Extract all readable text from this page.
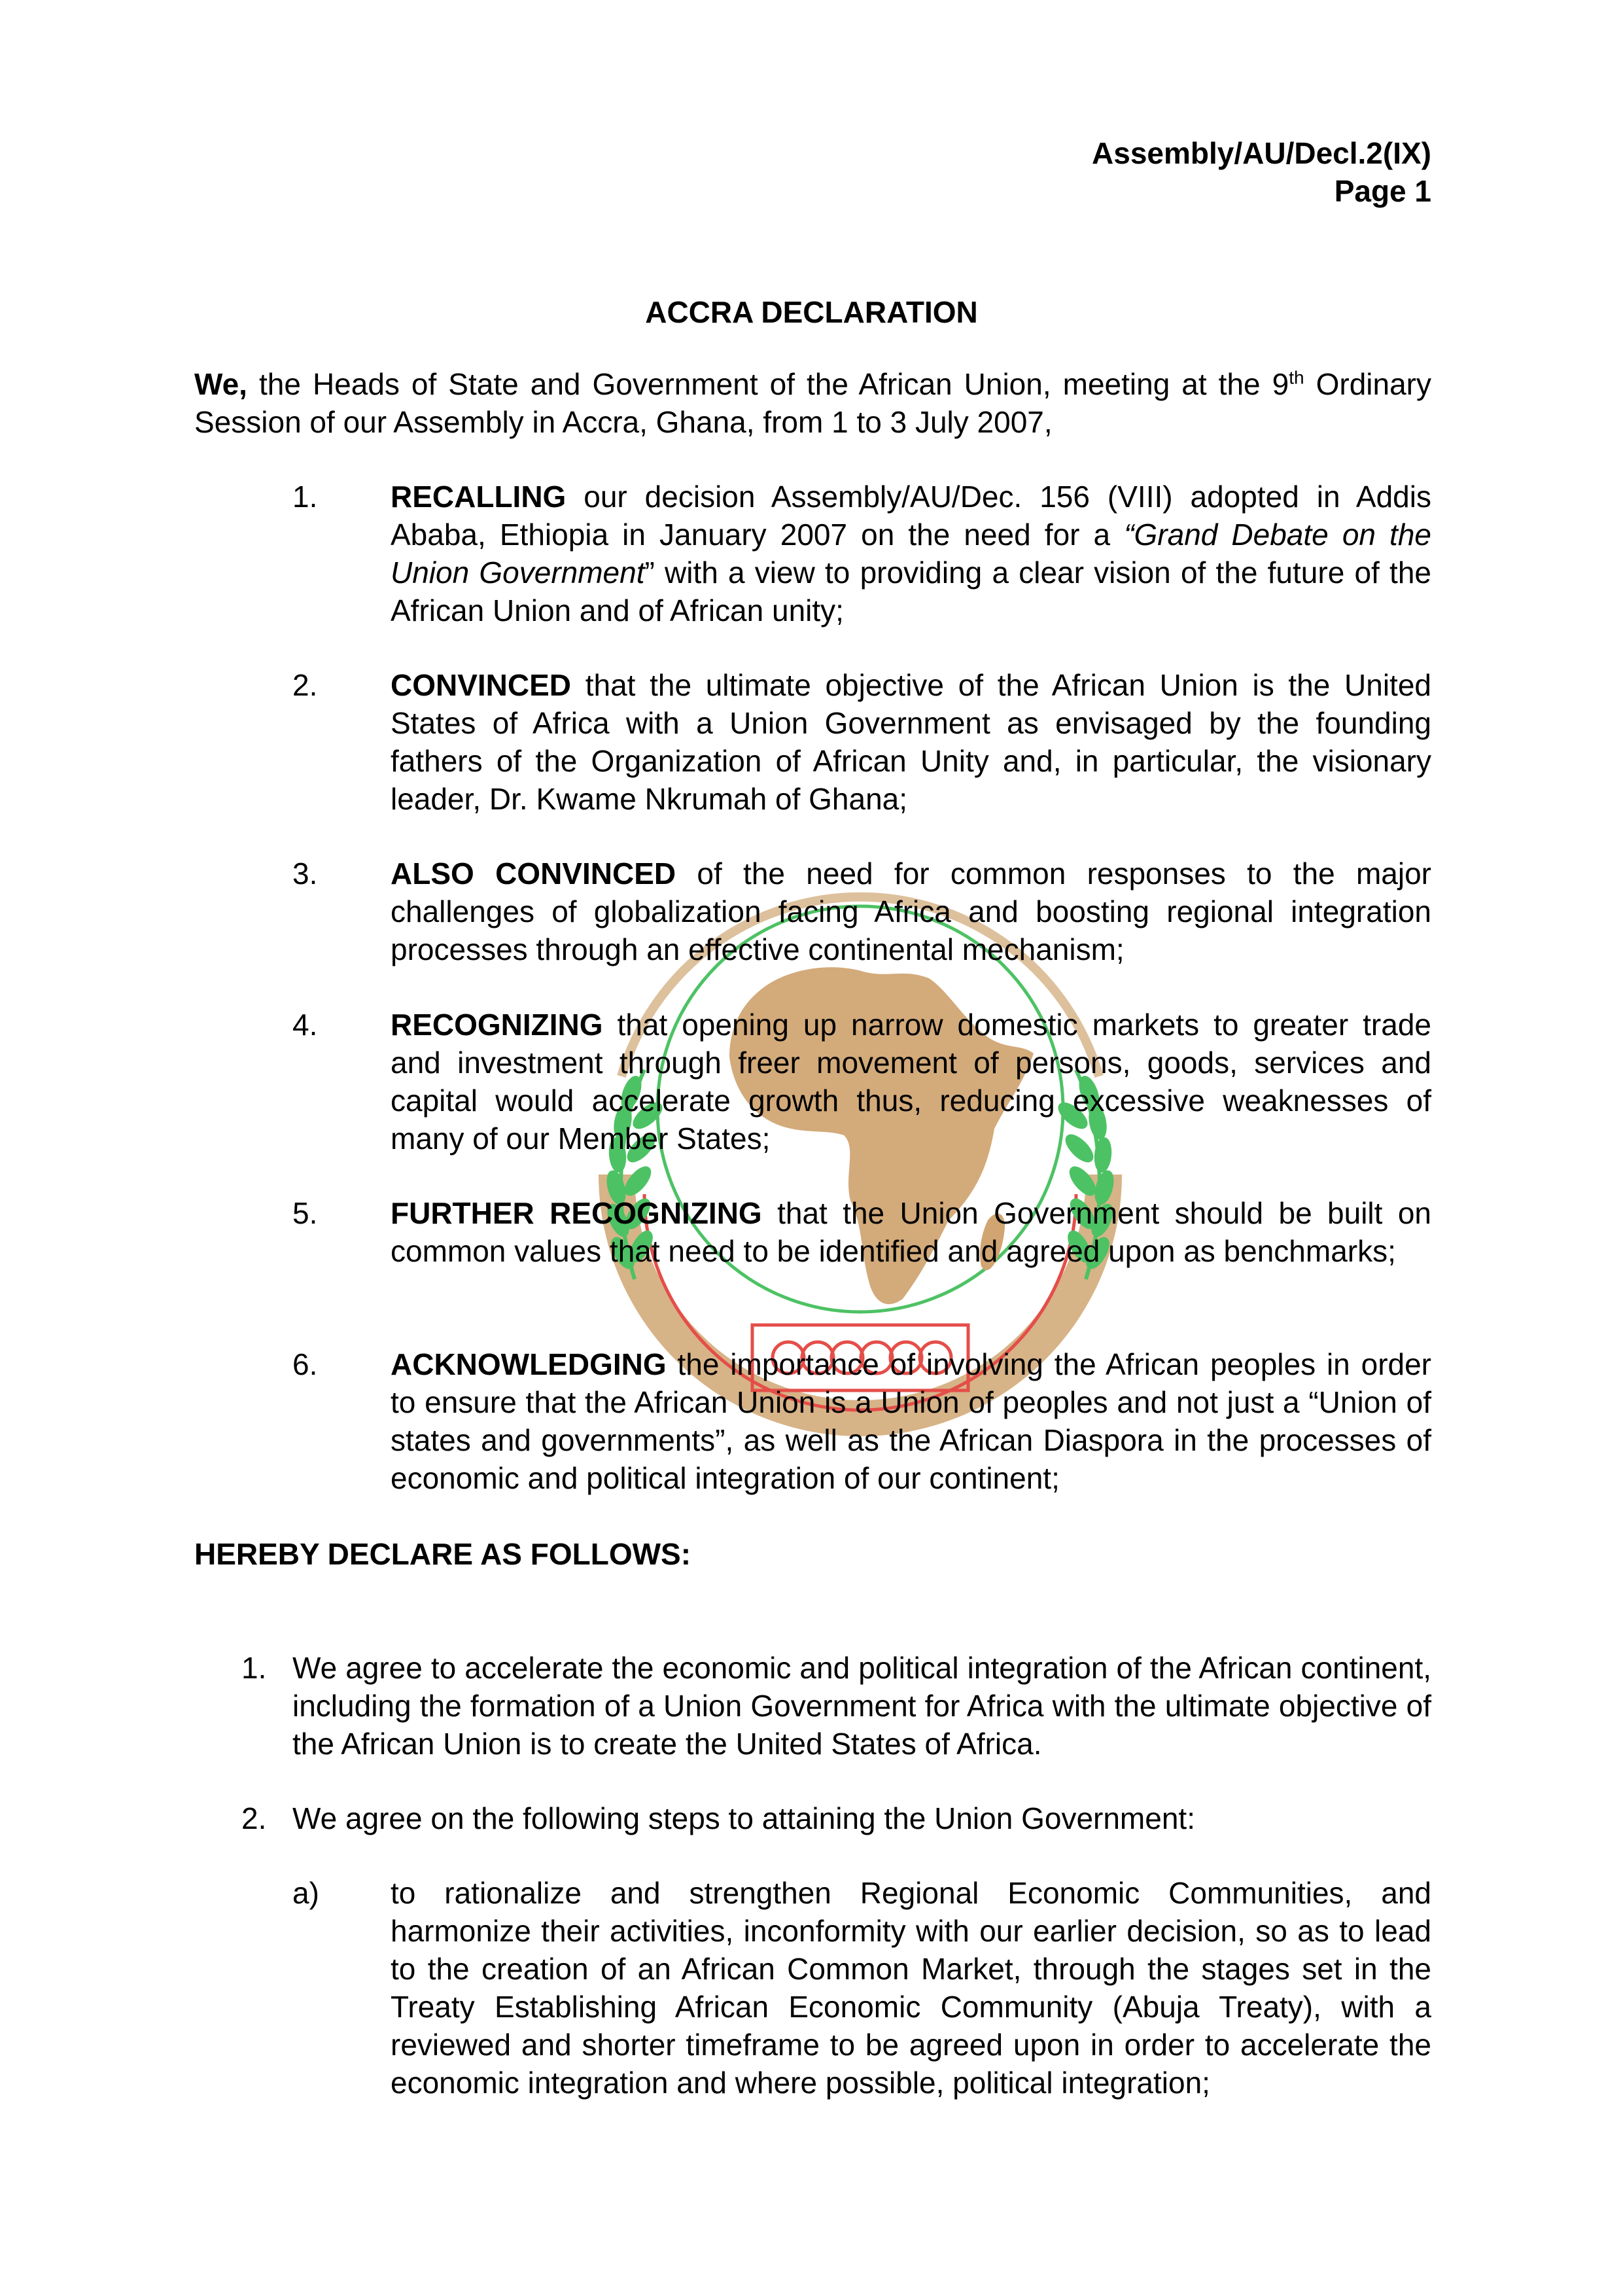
Assembly/AU/Decl.2(IX)
Page 1
ACCRA DECLARATION
We, the Heads of State and Government of the African Union, meeting at the 9th Ordinary Session of our Assembly in Accra, Ghana, from 1 to 3 July 2007,
1. RECALLING our decision Assembly/AU/Dec. 156 (VIII) adopted in Addis Ababa, Ethiopia in January 2007 on the need for a “Grand Debate on the Union Government” with a view to providing a clear vision of the future of the African Union and of African unity;
2. CONVINCED that the ultimate objective of the African Union is the United States of Africa with a Union Government as envisaged by the founding fathers of the Organization of African Unity and, in particular, the visionary leader, Dr. Kwame Nkrumah of Ghana;
3. ALSO CONVINCED of the need for common responses to the major challenges of globalization facing Africa and boosting regional integration processes through an effective continental mechanism;
4. RECOGNIZING that opening up narrow domestic markets to greater trade and investment through freer movement of persons, goods, services and capital would accelerate growth thus, reducing excessive weaknesses of many of our Member States;
5. FURTHER RECOGNIZING that the Union Government should be built on common values that need to be identified and agreed upon as benchmarks;
6. ACKNOWLEDGING the importance of involving the African peoples in order to ensure that the African Union is a Union of peoples and not just a “Union of states and governments”, as well as the African Diaspora in the processes of economic and political integration of our continent;
HEREBY DECLARE AS FOLLOWS:
1. We agree to accelerate the economic and political integration of the African continent, including the formation of a Union Government for Africa with the ultimate objective of the African Union is to create the United States of Africa.
2. We agree on the following steps to attaining the Union Government:
a) to rationalize and strengthen Regional Economic Communities, and harmonize their activities, inconformity with our earlier decision, so as to lead to the creation of an African Common Market, through the stages set in the Treaty Establishing African Economic Community (Abuja Treaty), with a reviewed and shorter timeframe to be agreed upon in order to accelerate the economic integration and where possible, political integration;
